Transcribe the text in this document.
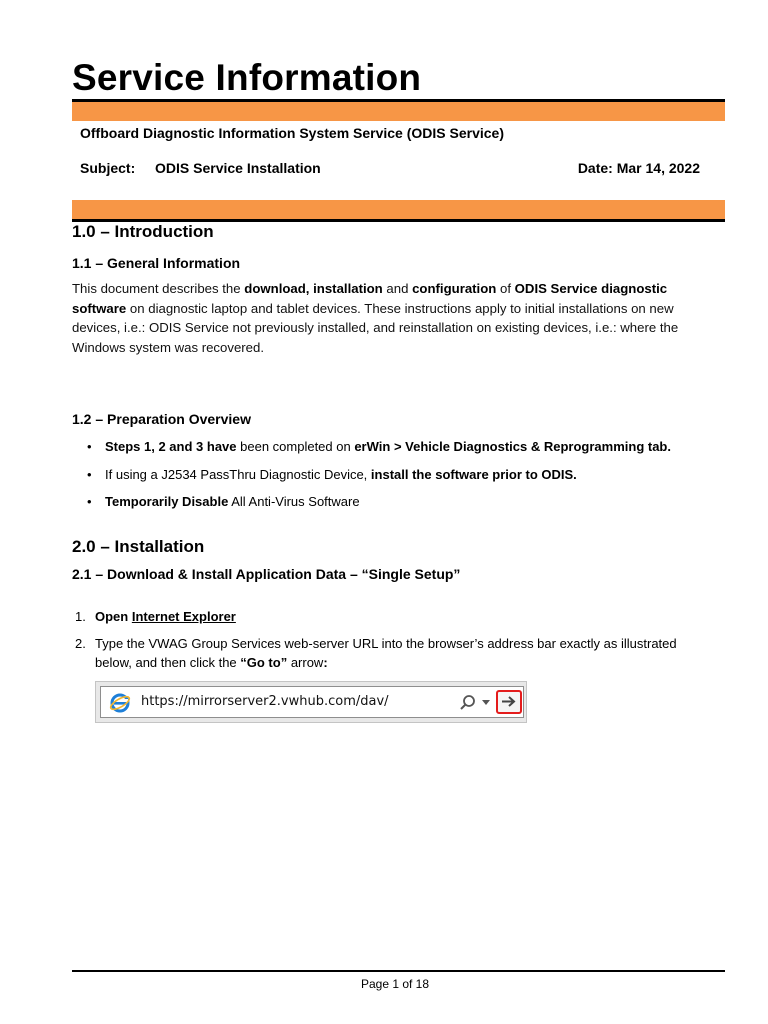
Service Information
Offboard Diagnostic Information System Service (ODIS Service)
Subject: ODIS Service Installation	Date: Mar 14, 2022
1.0 – Introduction
1.1 – General Information
This document describes the download, installation and configuration of ODIS Service diagnostic software on diagnostic laptop and tablet devices. These instructions apply to initial installations on new devices, i.e.: ODIS Service not previously installed, and reinstallation on existing devices, i.e.: where the Windows system was recovered.
1.2 – Preparation Overview
• Steps 1, 2 and 3 have been completed on erWin > Vehicle Diagnostics & Reprogramming tab.
• If using a J2534 PassThru Diagnostic Device, install the software prior to ODIS.
• Temporarily Disable All Anti-Virus Software
2.0 – Installation
2.1 – Download & Install Application Data – “Single Setup”
1. Open Internet Explorer
2. Type the VWAG Group Services web-server URL into the browser’s address bar exactly as illustrated below, and then click the “Go to” arrow:
https://mirrorserver2.vwhub.com/dav/
Page 1 of 18
